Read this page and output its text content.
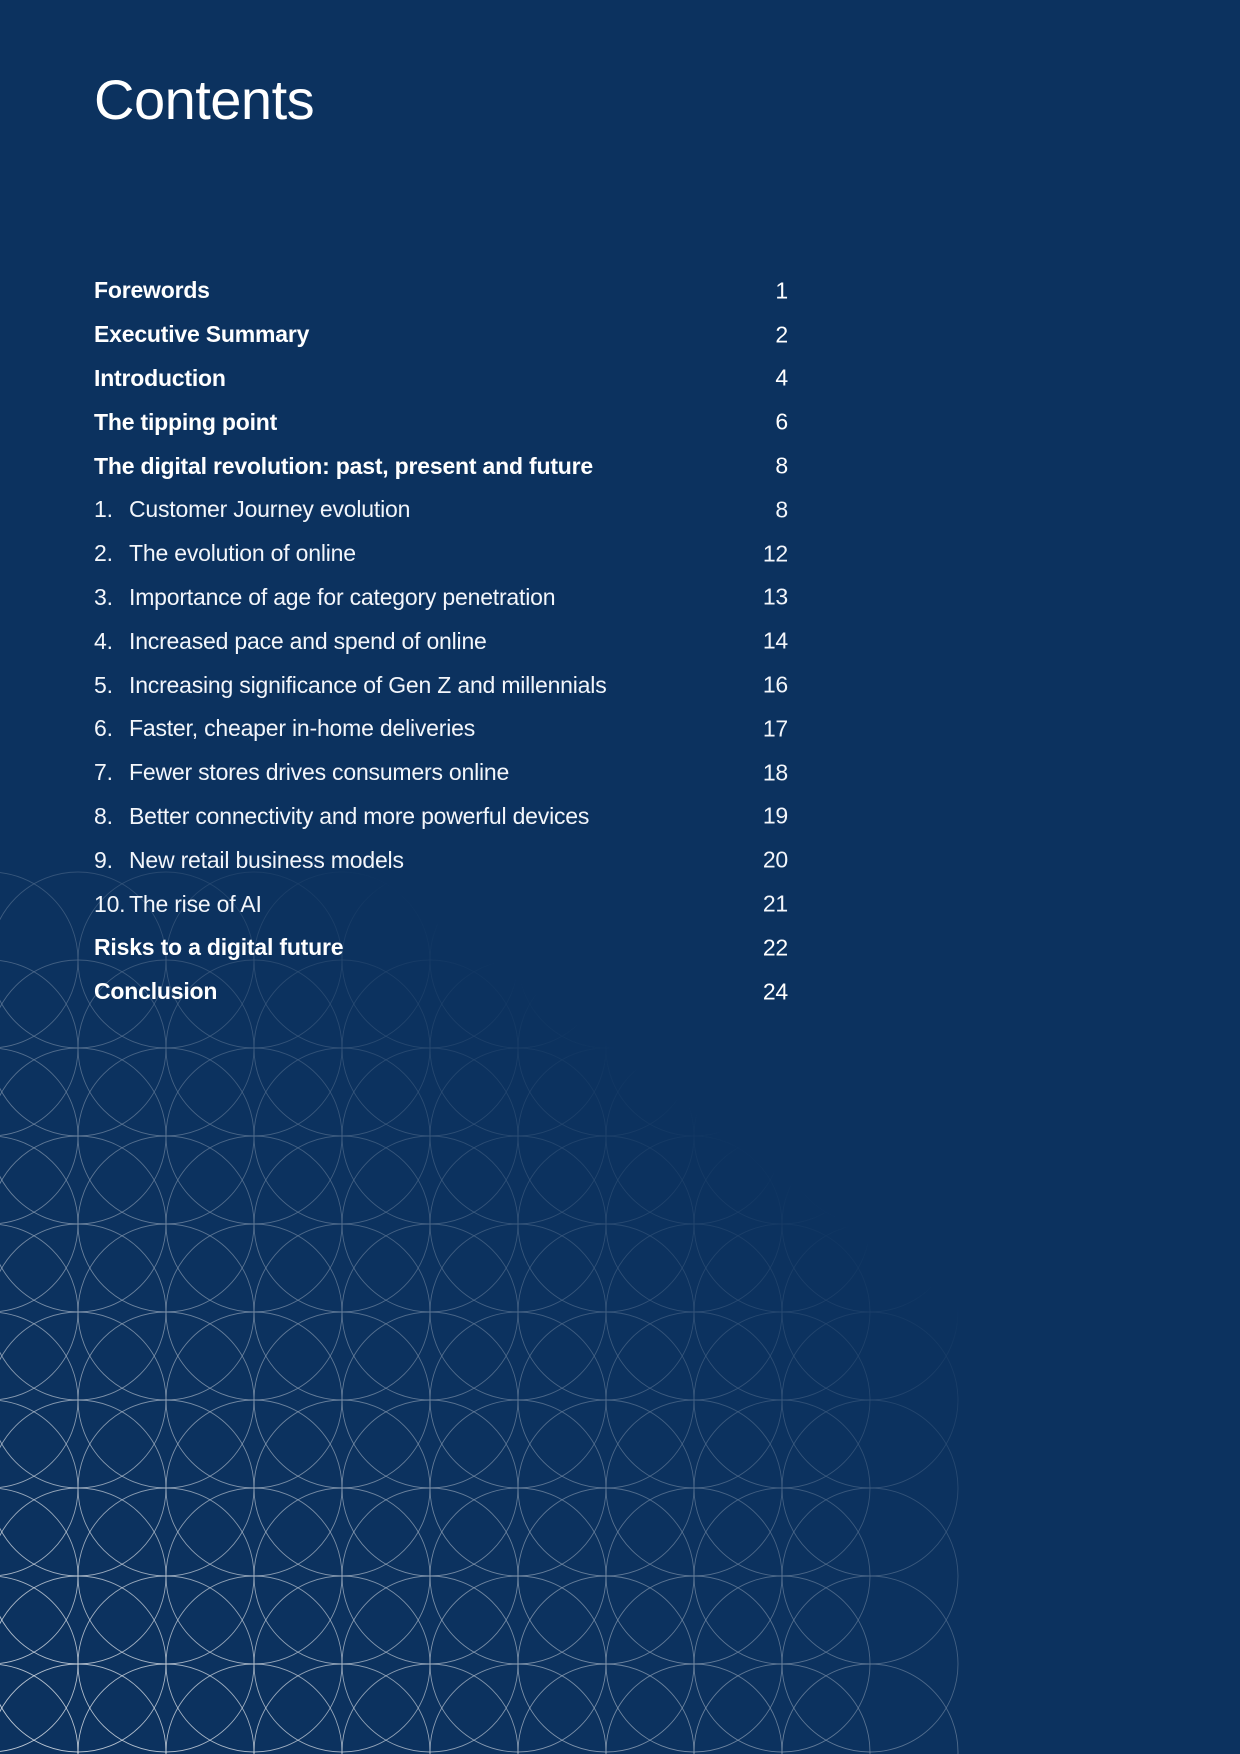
Contents
Forewords	1
Executive Summary	2
Introduction	4
The tipping point	6
The digital revolution: past, present and future	8
1. Customer Journey evolution	8
2. The evolution of online	12
3. Importance of age for category penetration	13
4. Increased pace and spend of online	14
5. Increasing significance of Gen Z and millennials	16
6. Faster, cheaper in-home deliveries	17
7. Fewer stores drives consumers online	18
8. Better connectivity and more powerful devices	19
9. New retail business models	20
10. The rise of AI	21
Risks to a digital future	22
Conclusion	24
